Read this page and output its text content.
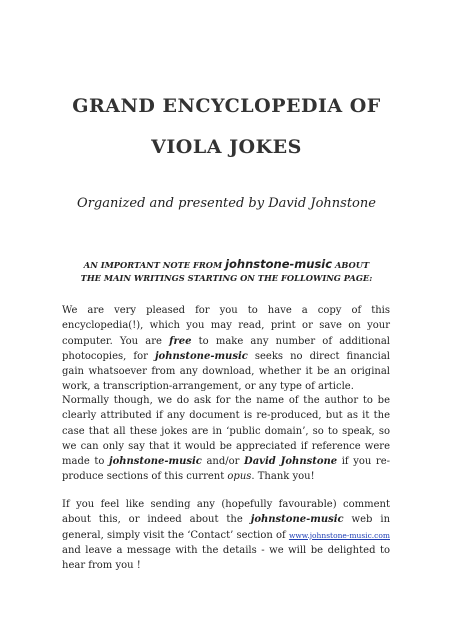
GRAND ENCYCLOPEDIA OF
VIOLA JOKES
Organized and presented by David Johnstone
AN IMPORTANT NOTE FROM johnstone-music ABOUT
THE MAIN WRITINGS STARTING ON THE FOLLOWING PAGE:
We are very pleased for you to have a copy of this encyclopedia(!), which you may read, print or save on your computer. You are free to make any number of additional photocopies, for johnstone-music seeks no direct financial gain whatsoever from any download, whether it be an original work, a transcription-arrangement, or any type of article.
Normally though, we do ask for the name of the author to be clearly attributed if any document is re-produced, but as it the case that all these jokes are in ‘public domain’, so to speak, so we can only say that it would be appreciated if reference were made to johnstone-music and/or David Johnstone if you re-produce sections of this current opus. Thank you!
If you feel like sending any (hopefully favourable) comment about this, or indeed about the johnstone-music web in general, simply visit the ‘Contact’ section of www.johnstone-music.com and leave a message with the details - we will be delighted to hear from you !
